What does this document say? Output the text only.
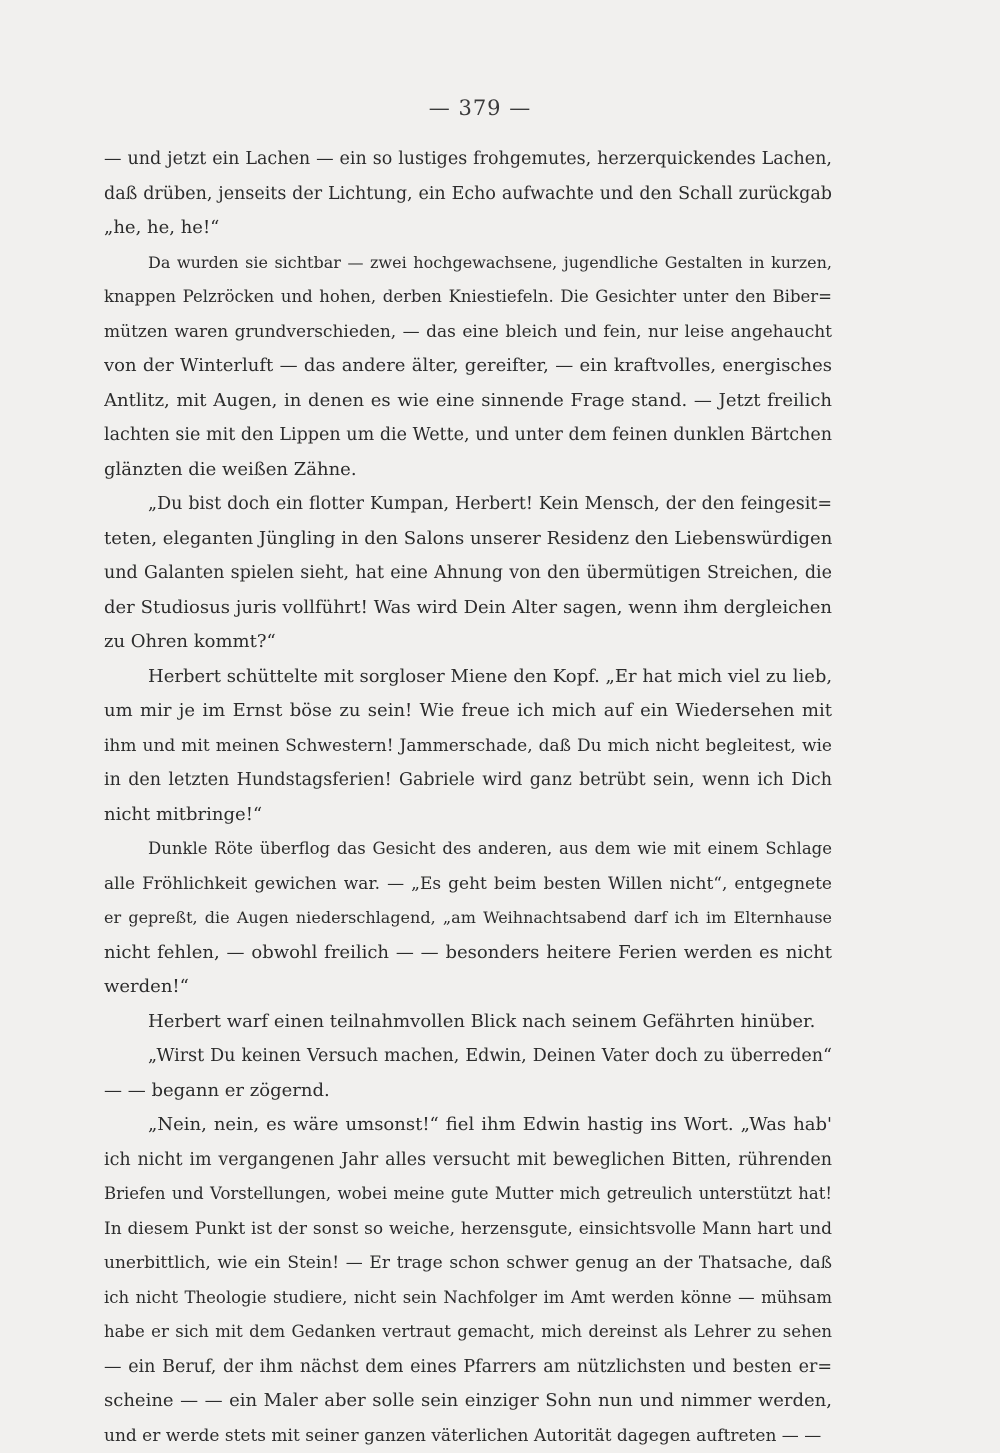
— 379 —
— und jetzt ein Lachen — ein so lustiges frohgemutes, herzerquickendes Lachen,
daß drüben, jenseits der Lichtung, ein Echo aufwachte und den Schall zurückgab
„he, he, he!“
Da wurden sie sichtbar — zwei hochgewachsene, jugendliche Gestalten in kurzen,
knappen Pelzröcken und hohen, derben Kniestiefeln. Die Gesichter unter den Biber=
mützen waren grundverschieden, — das eine bleich und fein, nur leise angehaucht
von der Winterluft — das andere älter, gereifter, — ein kraftvolles, energisches
Antlitz, mit Augen, in denen es wie eine sinnende Frage stand. — Jetzt freilich
lachten sie mit den Lippen um die Wette, und unter dem feinen dunklen Bärtchen
glänzten die weißen Zähne.
„Du bist doch ein flotter Kumpan, Herbert! Kein Mensch, der den feingesit=
teten, eleganten Jüngling in den Salons unserer Residenz den Liebenswürdigen
und Galanten spielen sieht, hat eine Ahnung von den übermütigen Streichen, die
der Studiosus juris vollführt! Was wird Dein Alter sagen, wenn ihm dergleichen
zu Ohren kommt?“
Herbert schüttelte mit sorgloser Miene den Kopf. „Er hat mich viel zu lieb,
um mir je im Ernst böse zu sein! Wie freue ich mich auf ein Wiedersehen mit
ihm und mit meinen Schwestern! Jammerschade, daß Du mich nicht begleitest, wie
in den letzten Hundstagsferien! Gabriele wird ganz betrübt sein, wenn ich Dich
nicht mitbringe!“
Dunkle Röte überflog das Gesicht des anderen, aus dem wie mit einem Schlage
alle Fröhlichkeit gewichen war. — „Es geht beim besten Willen nicht“, entgegnete
er gepreßt, die Augen niederschlagend, „am Weihnachtsabend darf ich im Elternhause
nicht fehlen, — obwohl freilich — — besonders heitere Ferien werden es nicht
werden!“
Herbert warf einen teilnahmvollen Blick nach seinem Gefährten hinüber.
„Wirst Du keinen Versuch machen, Edwin, Deinen Vater doch zu überreden“
— — begann er zögernd.
„Nein, nein, es wäre umsonst!“ fiel ihm Edwin hastig ins Wort. „Was hab'
ich nicht im vergangenen Jahr alles versucht mit beweglichen Bitten, rührenden
Briefen und Vorstellungen, wobei meine gute Mutter mich getreulich unterstützt hat!
In diesem Punkt ist der sonst so weiche, herzensgute, einsichtsvolle Mann hart und
unerbittlich, wie ein Stein! — Er trage schon schwer genug an der Thatsache, daß
ich nicht Theologie studiere, nicht sein Nachfolger im Amt werden könne — mühsam
habe er sich mit dem Gedanken vertraut gemacht, mich dereinst als Lehrer zu sehen
— ein Beruf, der ihm nächst dem eines Pfarrers am nützlichsten und besten er=
scheine — — ein Maler aber solle sein einziger Sohn nun und nimmer werden,
und er werde stets mit seiner ganzen väterlichen Autorität dagegen auftreten — —
